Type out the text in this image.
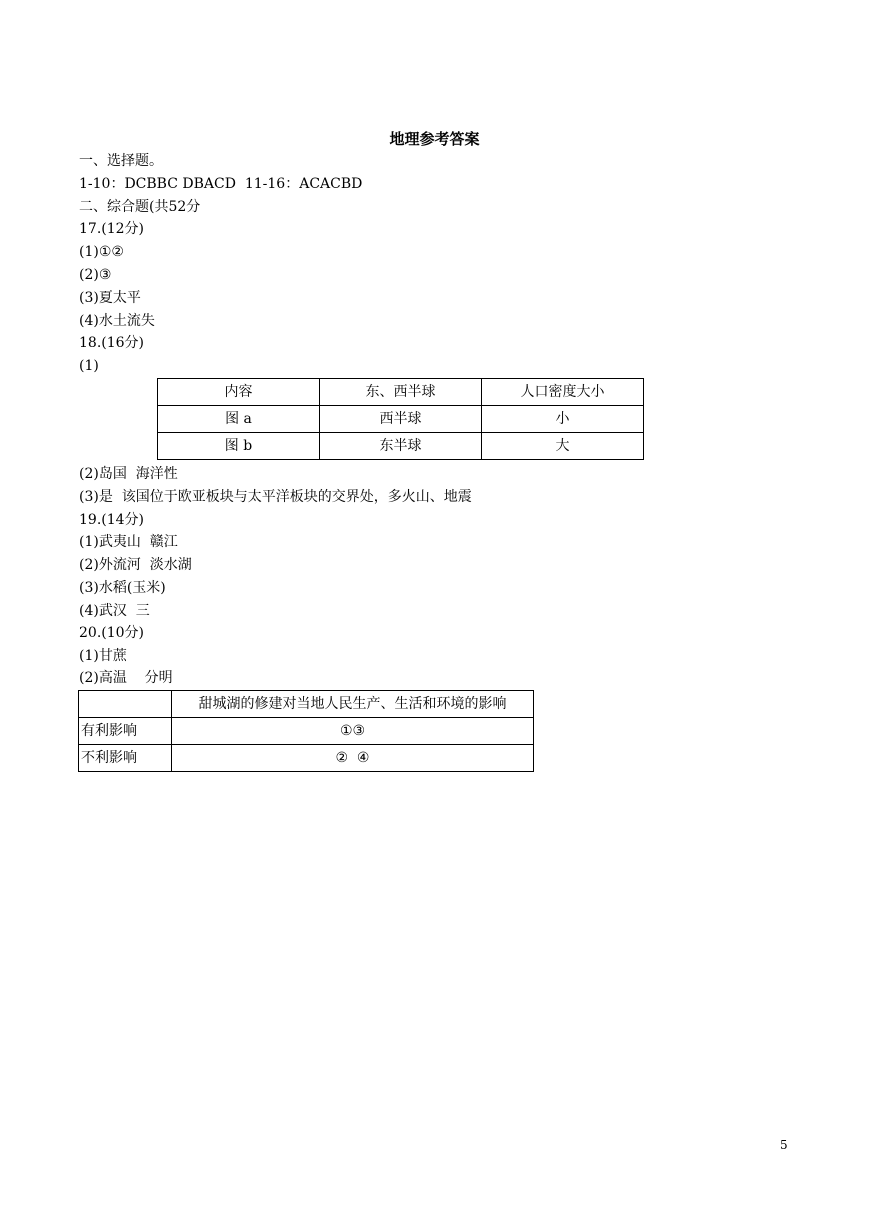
地理参考答案
一、选择题。
1-10：DCBBC DBACD  11-16：ACACBD
二、综合题(共52分
17.(12分)
(1)①②
(2)③
(3)夏太平
(4)水土流失
18.(16分)
(1)
内容	东、西半球	人口密度大小
图 a	西半球	小
图 b	东半球	大
(2)岛国  海洋性
(3)是  该国位于欧亚板块与太平洋板块的交界处，多火山、地震
19.(14分)
(1)武夷山  赣江
(2)外流河  淡水湖
(3)水稻(玉米)
(4)武汉  三
20.(10分)
(1)甘蔗
(2)高温    分明
	甜城湖的修建对当地人民生产、生活和环境的影响
有利影响	①③
不利影响	②  ④
5
